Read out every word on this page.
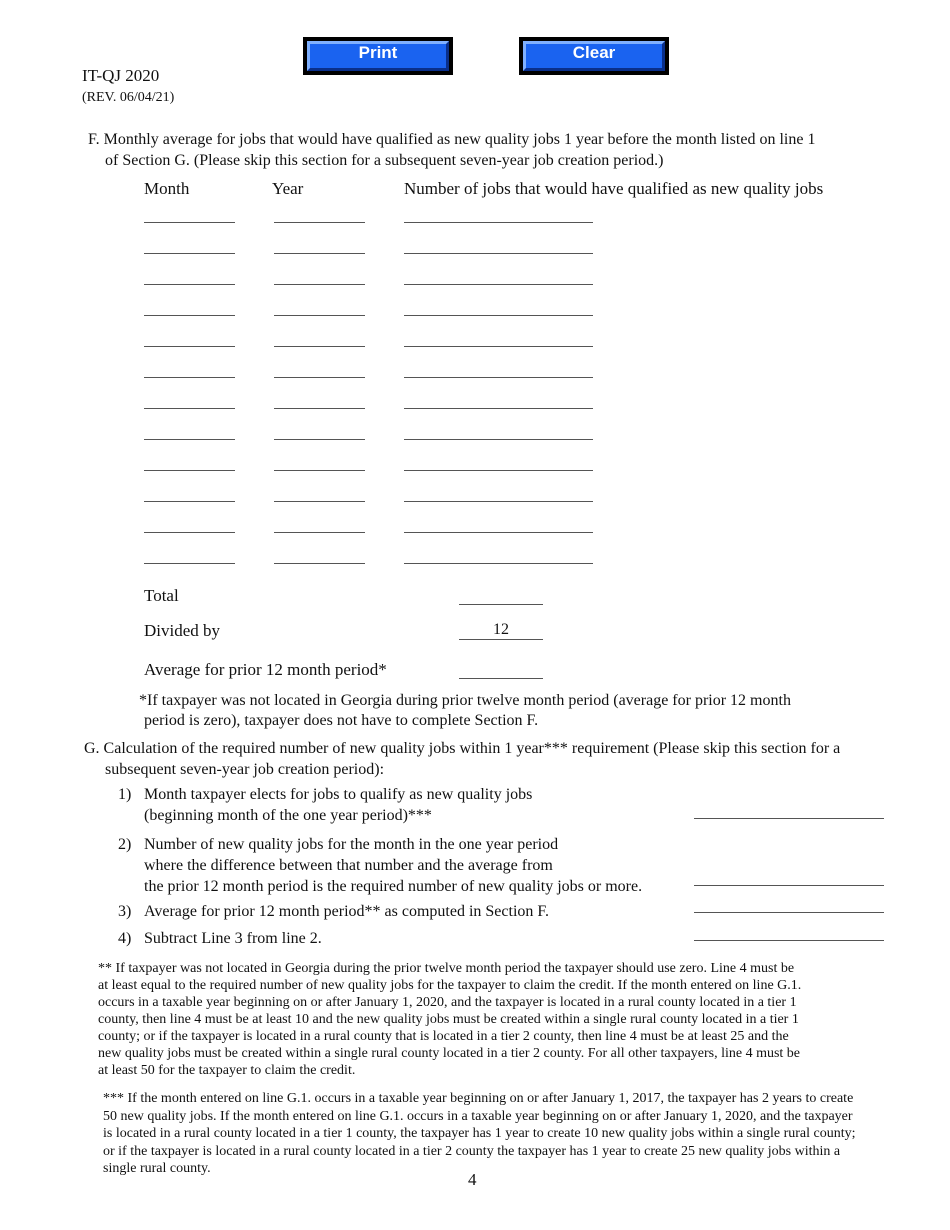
Print	Clear
IT-QJ 2020
(REV. 06/04/21)
F. Monthly average for jobs that would have qualified as new quality jobs 1 year before the month listed on line 1
of Section G. (Please skip this section for a subsequent seven-year job creation period.)
Month	Year	Number of jobs that would have qualified as new quality jobs
Total
Divided by	12
Average for prior 12 month period*
*If taxpayer was not located in Georgia during prior twelve month period (average for prior 12 month
period is zero), taxpayer does not have to complete Section F.
G. Calculation of the required number of new quality jobs within 1 year*** requirement (Please skip this section for a
subsequent seven-year job creation period):
1) Month taxpayer elects for jobs to qualify as new quality jobs
(beginning month of the one year period)***
2) Number of new quality jobs for the month in the one year period
where the difference between that number and the average from
the prior 12 month period is the required number of new quality jobs or more.
3) Average for prior 12 month period** as computed in Section F.
4) Subtract Line 3 from line 2.
** If taxpayer was not located in Georgia during the prior twelve month period the taxpayer should use zero. Line 4 must be
at least equal to the required number of new quality jobs for the taxpayer to claim the credit. If the month entered on line G.1.
occurs in a taxable year beginning on or after January 1, 2020, and the taxpayer is located in a rural county located in a tier 1
county, then line 4 must be at least 10 and the new quality jobs must be created within a single rural county located in a tier 1
county; or if the taxpayer is located in a rural county that is located in a tier 2 county, then line 4 must be at least 25 and the
new quality jobs must be created within a single rural county located in a tier 2 county. For all other taxpayers, line 4 must be
at least 50 for the taxpayer to claim the credit.
*** If the month entered on line G.1. occurs in a taxable year beginning on or after January 1, 2017, the taxpayer has 2 years to create
50 new quality jobs. If the month entered on line G.1. occurs in a taxable year beginning on or after January 1, 2020, and the taxpayer
is located in a rural county located in a tier 1 county, the taxpayer has 1 year to create 10 new quality jobs within a single rural county;
or if the taxpayer is located in a rural county located in a tier 2 county the taxpayer has 1 year to create 25 new quality jobs within a
single rural county.
4
